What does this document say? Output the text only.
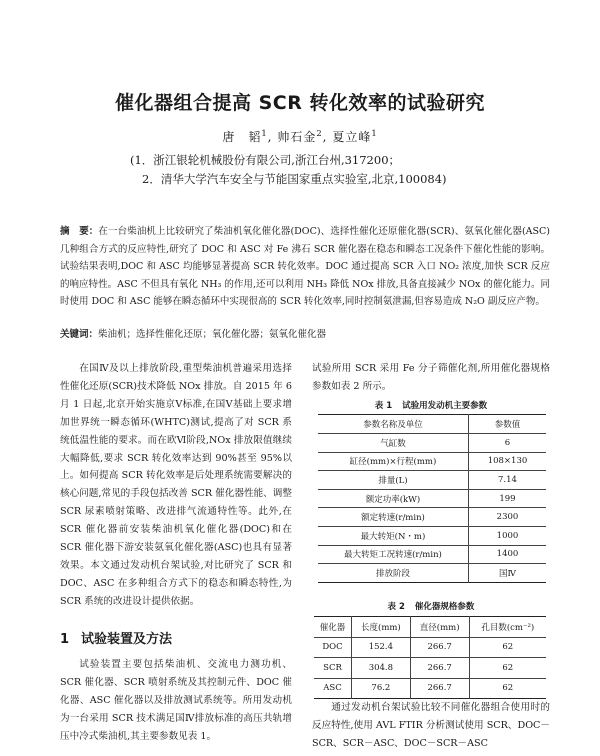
催化器组合提高 SCR 转化效率的试验研究
唐　韬$^1$, 帅石金$^2$, 夏立峰$^1$
(1．浙江银轮机械股份有限公司,浙江台州,317200；
2．清华大学汽车安全与节能国家重点实验室,北京,100084)
摘　要：在一台柴油机上比较研究了柴油机氧化催化器(DOC)、选择性催化还原催化器(SCR)、氨氧化催化器(ASC)几种组合方式的反应特性,研究了 DOC 和 ASC 对 Fe 沸石 SCR 催化器在稳态和瞬态工况条件下催化性能的影响。试验结果表明,DOC 和 ASC 均能够显著提高 SCR 转化效率。DOC 通过提高 SCR 入口 NO₂ 浓度,加快 SCR 反应的响应特性。ASC 不但具有氧化 NH₃ 的作用,还可以利用 NH₃ 降低 NOx 排放,具备直接减少 NOx 的催化能力。同时使用 DOC 和 ASC 能够在瞬态循环中实现很高的 SCR 转化效率,同时控制氨泄漏,但容易造成 N₂O 副反应产物。
关键词：柴油机；选择性催化还原；氧化催化器；氨氧化催化器

在国Ⅳ及以上排放阶段,重型柴油机普遍采用选择性催化还原(SCR)技术降低 NOx 排放。自 2015 年 6 月 1 日起,北京开始实施京Ⅴ标准,在国Ⅴ基础上要求增加世界统一瞬态循环(WHTC)测试,提高了对 SCR 系统低温性能的要求。而在欧Ⅵ阶段,NOx 排放限值继续大幅降低,要求 SCR 转化效率达到 90%甚至 95%以上。如何提高 SCR 转化效率是后处理系统需要解决的核心问题,常见的手段包括改善 SCR 催化器性能、调整 SCR 尿素喷射策略、改进排气流通特性等。此外,在 SCR 催化器前安装柴油机氧化催化器(DOC)和在 SCR 催化器下游安装氨氧化催化器(ASC)也具有显著效果。本文通过发动机台架试验,对比研究了 SCR 和 DOC、ASC 在多种组合方式下的稳态和瞬态特性,为 SCR 系统的改进设计提供依据。

1 试验装置及方法

试验装置主要包括柴油机、交流电力测功机、SCR 催化器、SCR 喷射系统及其控制元件、DOC 催化器、ASC 催化器以及排放测试系统等。所用发动机为一台采用 SCR 技术满足国Ⅳ排放标准的高压共轨增压中冷式柴油机,其主要参数见表 1。

试验所用 SCR 采用 Fe 分子筛催化剂,所用催化器规格参数如表 2 所示。

表 1 试验用发动机主要参数
参数名称及单位	参数值
气缸数	6
缸径(mm)×行程(mm)	108×130
排量(L)	7.14
额定功率(kW)	199
额定转速(r/min)	2300
最大转矩(N・m)	1000
最大转矩工况转速(r/min)	1400
排放阶段	国Ⅳ
表 2 催化器规格参数
催化器	长度(mm)	直径(mm)	孔目数(cm⁻²)
DOC	152.4	266.7	62
SCR	304.8	266.7	62
ASC	76.2	266.7	62

通过发动机台架试验比较不同催化器组合使用时的反应特性,使用 AVL FTIR 分析测试使用 SCR、DOC－SCR、SCR－ASC、DOC－SCR－ASC
